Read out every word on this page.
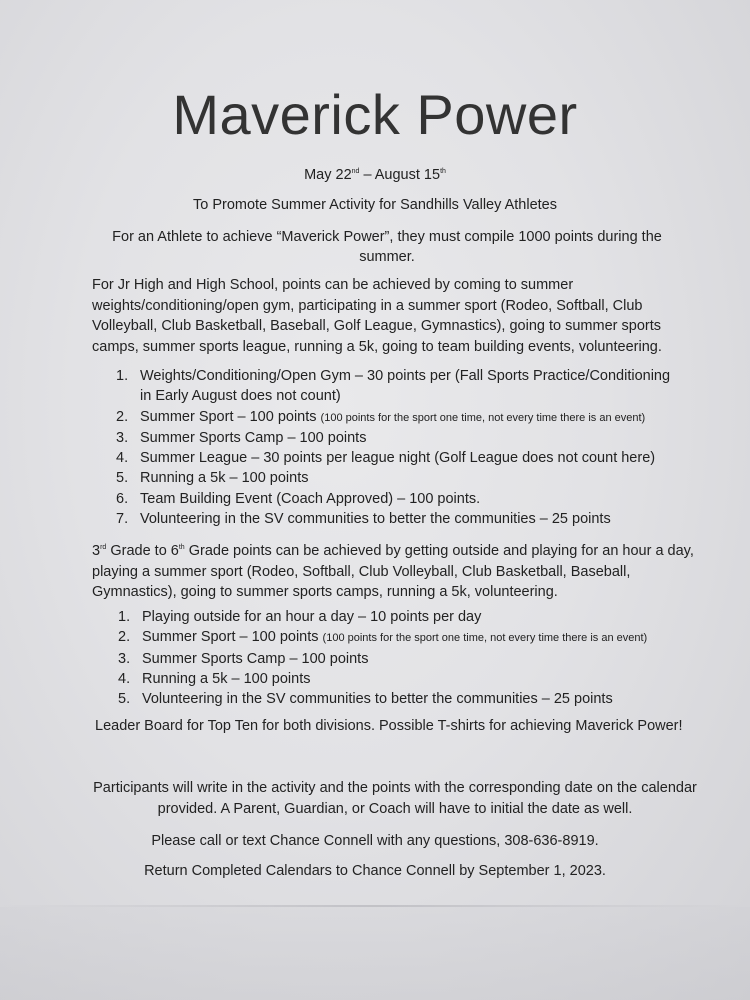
Maverick Power
May 22nd – August 15th
To Promote Summer Activity for Sandhills Valley Athletes
For an Athlete to achieve “Maverick Power”, they must compile 1000 points during the summer.
For Jr High and High School, points can be achieved by coming to summer weights/conditioning/open gym, participating in a summer sport (Rodeo, Softball, Club Volleyball, Club Basketball, Baseball, Golf League, Gymnastics), going to summer sports camps, summer sports league, running a 5k, going to team building events, volunteering.
1. Weights/Conditioning/Open Gym – 30 points per (Fall Sports Practice/Conditioning in Early August does not count)
2. Summer Sport – 100 points (100 points for the sport one time, not every time there is an event)
3. Summer Sports Camp – 100 points
4. Summer League – 30 points per league night (Golf League does not count here)
5. Running a 5k – 100 points
6. Team Building Event (Coach Approved) – 100 points.
7. Volunteering in the SV communities to better the communities – 25 points
3rd Grade to 6th Grade points can be achieved by getting outside and playing for an hour a day, playing a summer sport (Rodeo, Softball, Club Volleyball, Club Basketball, Baseball, Gymnastics), going to summer sports camps, running a 5k, volunteering.
1. Playing outside for an hour a day – 10 points per day
2. Summer Sport – 100 points (100 points for the sport one time, not every time there is an event)
3. Summer Sports Camp – 100 points
4. Running a 5k – 100 points
5. Volunteering in the SV communities to better the communities – 25 points
Leader Board for Top Ten for both divisions. Possible T-shirts for achieving Maverick Power!
Participants will write in the activity and the points with the corresponding date on the calendar provided. A Parent, Guardian, or Coach will have to initial the date as well.
Please call or text Chance Connell with any questions, 308-636-8919.
Return Completed Calendars to Chance Connell by September 1, 2023.
